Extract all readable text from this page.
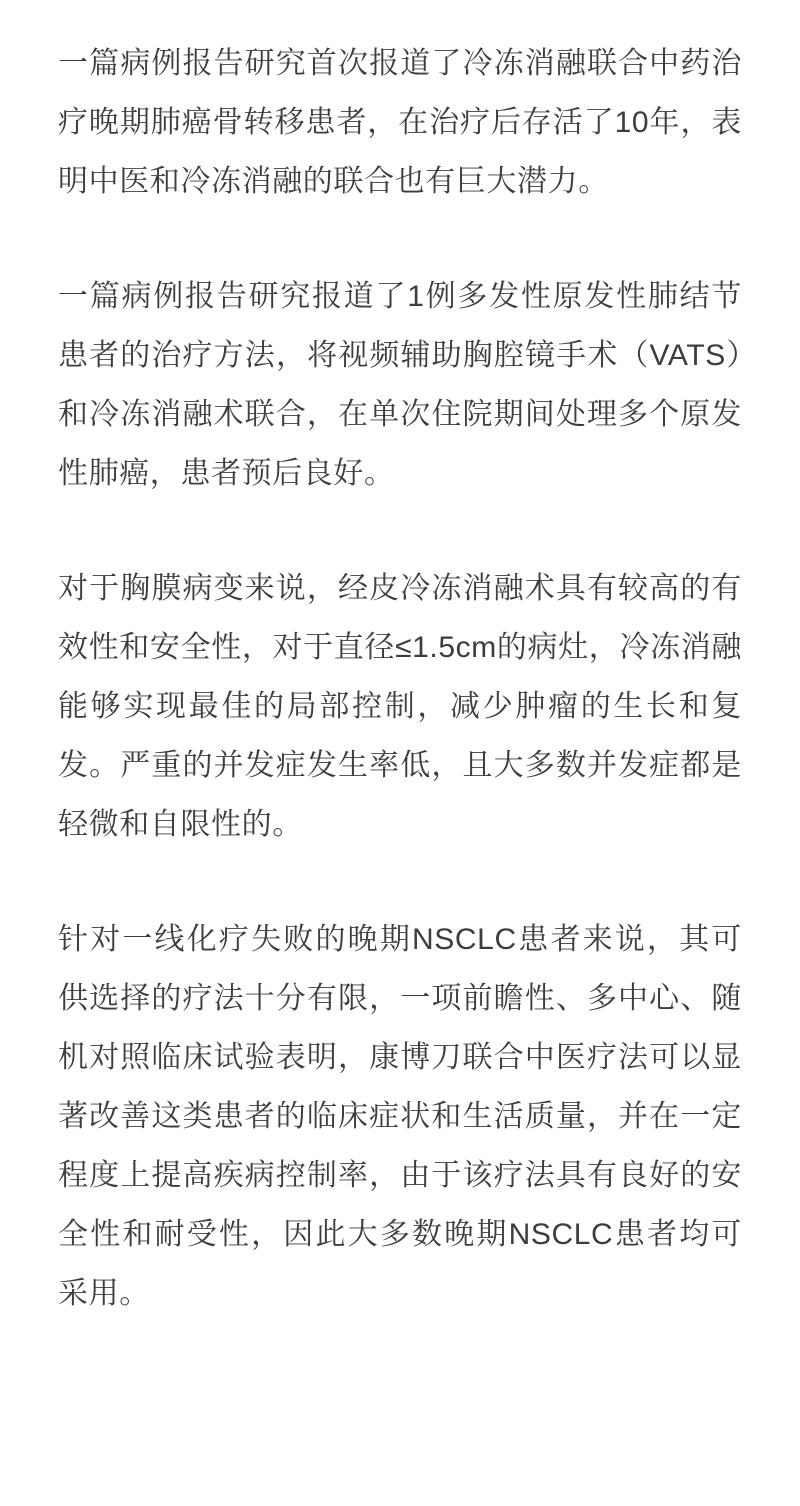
一篇病例报告研究首次报道了冷冻消融联合中药治疗晚期肺癌骨转移患者，在治疗后存活了10年，表明中医和冷冻消融的联合也有巨大潜力。

一篇病例报告研究报道了1例多发性原发性肺结节患者的治疗方法，将视频辅助胸腔镜手术（VATS）和冷冻消融术联合，在单次住院期间处理多个原发性肺癌，患者预后良好。

对于胸膜病变来说，经皮冷冻消融术具有较高的有效性和安全性，对于直径≤1.5cm的病灶，冷冻消融能够实现最佳的局部控制，减少肿瘤的生长和复发。严重的并发症发生率低，且大多数并发症都是轻微和自限性的。

针对一线化疗失败的晚期NSCLC患者来说，其可供选择的疗法十分有限，一项前瞻性、多中心、随机对照临床试验表明，康博刀联合中医疗法可以显著改善这类患者的临床症状和生活质量，并在一定程度上提高疾病控制率，由于该疗法具有良好的安全性和耐受性，因此大多数晚期NSCLC患者均可采用。
